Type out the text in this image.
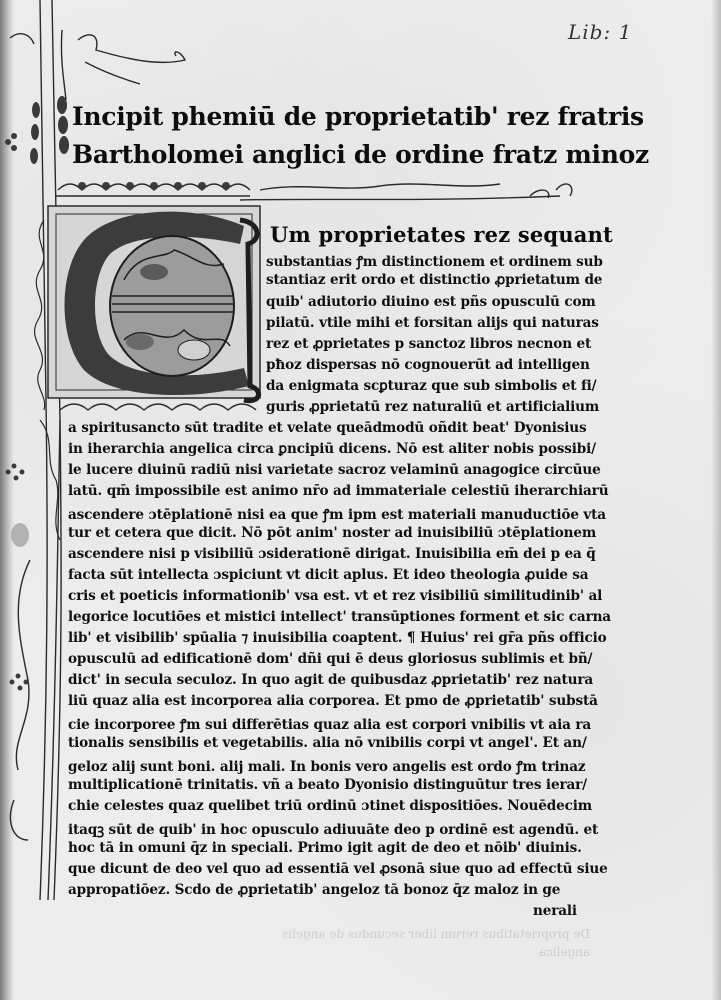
Lib: 1
Incipit phemiū de proprietatib' rez fratris
Bartholomei anglici de ordine fratz minoz
Um proprietates rez sequant
substantias ꝭm distinctionem et ordinem sub
stantiaz erit ordo et distinctio ꝓprietatum de
quib' adiutorio diuino est pñs opusculū com
pilatū. vtile mihi et forsitan alijs qui naturas
rez et ꝓprietates p sanctoz libros necnon et
pħoz dispersas nō cognouerūt ad intelligen
da enigmata scꝑturaz que sub simbolis et fi/
guris ꝓprietatū rez naturaliū et artificialium
a spiritusancto sūt tradite et velate queādmodū oñdit beat' Dyonisius
in iherarchia angelica circa ꝑncipiū dicens. Nō est aliter nobis possibi/
le lucere diuinū radiū nisi varietate sacroz velaminū anagogice circūue
latū. qm̄ impossibile est animo nr̄o ad immateriale celestiū iherarchiarū
ascendere ɔtēplationē nisi ea que ꝭm ipm est materiali manuductiōe vta
tur et cetera que dicit. Nō pōt anim' noster ad inuisibiliū ɔtēplationem
ascendere nisi p visibiliū ɔsiderationē dirigat. Inuisibilia em̄ dei p ea q̄
facta sūt intellecta ɔspiciunt vt dicit aplus. Et ideo theologia ꝓuide sa
cris et poeticis informationib' vsa est. vt et rez visibiliū similitudinib' al
legorice locutiōes et mistici intellect' transūptiones forment et sic carna
lib' et visibilib' spūalia ⁊ inuisibilia coaptent. ¶ Huius' rei gr̄a pñs officio
opusculū ad edificationē dom' dñi qui ē deus gloriosus sublimis et bñ/
dict' in secula seculoz. In quo agit de quibusdaz ꝓprietatib' rez natura
liū quaz alia est incorporea alia corporea. Et pmo de ꝓprietatib' substā
cie incorporee ꝭm sui differētias quaz alia est corpori vnibilis vt aia ra
tionalis sensibilis et vegetabilis. alia nō vnibilis corpi vt angel'. Et an/
geloz alij sunt boni. alij mali. In bonis vero angelis est ordo ꝭm trinaz
multiplicationē trinitatis. vñ a beato Dyonisio distinguūtur tres ierar/
chie celestes quaz quelibet triū ordinū ɔtinet dispositiōes. Nouēdecim
itaqꝫ sūt de quib' in hoc opusculo adiuuāte deo p ordinē est agendū. et
hoc tā in omuni q̄z in speciali. Primo igit agit de deo et nōib' diuinis.
que dicunt de deo vel quo ad essentiā vel ꝓsonā siue quo ad effectū siue
appropatiōez. Scdo de ꝓprietatib' angeloz tā bonoz q̄z maloz in ge
nerali
De proprietatibus rerum liber secundus de angelis
angelica
